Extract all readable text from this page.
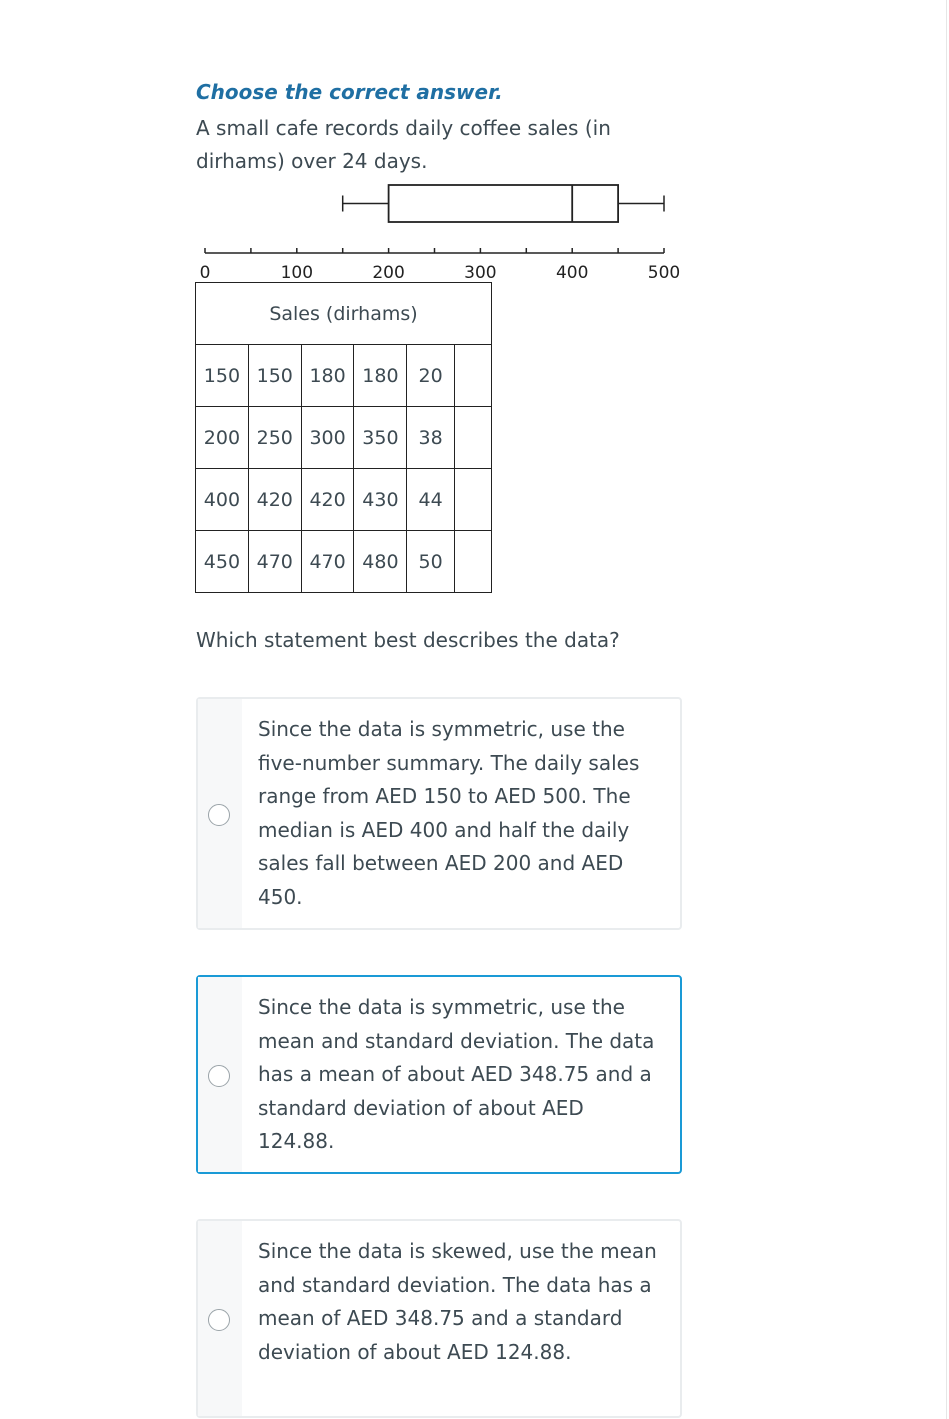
Choose the correct answer.
A small cafe records daily coffee sales (in dirhams) over 24 days.
0	100	200	300	400	500
Sales (dirhams)					
150	150	180	180	20	
200	250	300	350	38	
400	420	420	430	44	
450	470	470	480	50	
Which statement best describes the data?
Since the data is symmetric, use the five-number summary. The daily sales range from AED 150 to AED 500. The median is AED 400 and half the daily sales fall between AED 200 and AED 450.
Since the data is symmetric, use the mean and standard deviation. The data has a mean of about AED 348.75 and a standard deviation of about AED 124.88.
Since the data is skewed, use the mean and standard deviation. The data has a mean of AED 348.75 and a standard deviation of about AED 124.88.
